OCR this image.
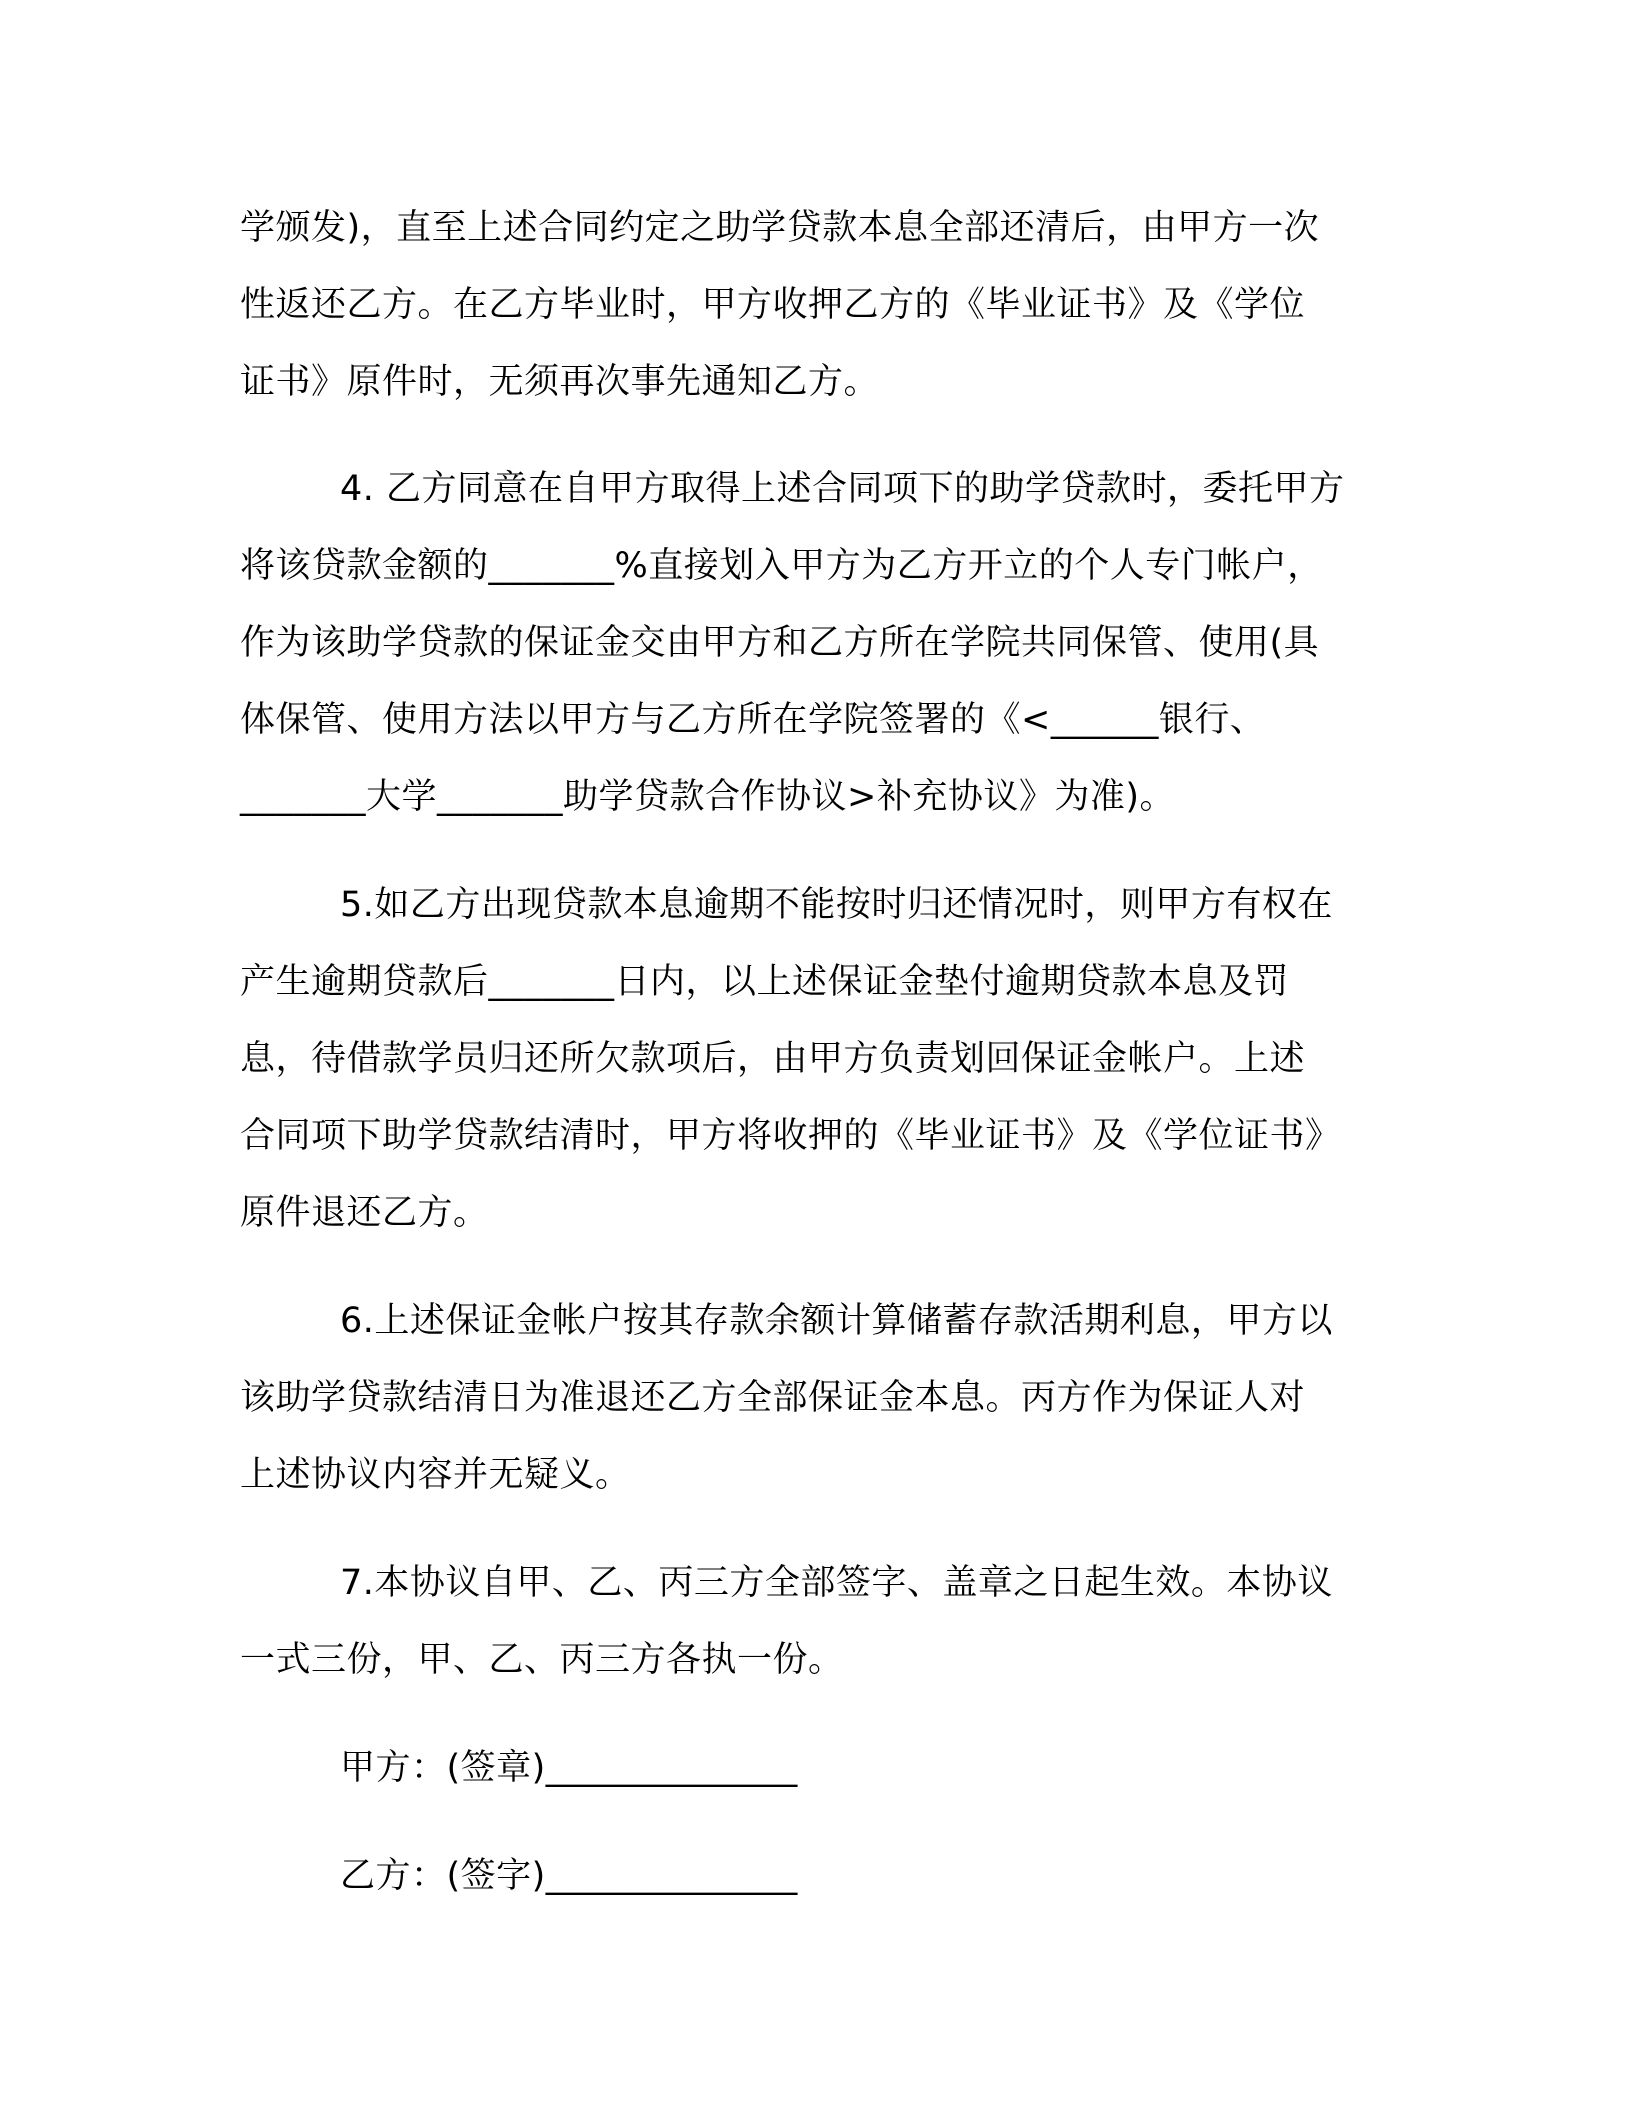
学颁发)，直至上述合同约定之助学贷款本息全部还清后，由甲方一次
性返还乙方。在乙方毕业时，甲方收押乙方的《毕业证书》及《学位
证书》原件时，无须再次事先通知乙方。

4. 乙方同意在自甲方取得上述合同项下的助学贷款时，委托甲方
将该贷款金额的_______%直接划入甲方为乙方开立的个人专门帐户，
作为该助学贷款的保证金交由甲方和乙方所在学院共同保管、使用(具
体保管、使用方法以甲方与乙方所在学院签署的《<______银行、
_______大学_______助学贷款合作协议>补充协议》为准)。

5.如乙方出现贷款本息逾期不能按时归还情况时，则甲方有权在
产生逾期贷款后_______日内，以上述保证金垫付逾期贷款本息及罚
息，待借款学员归还所欠款项后，由甲方负责划回保证金帐户。上述
合同项下助学贷款结清时，甲方将收押的《毕业证书》及《学位证书》
原件退还乙方。

6.上述保证金帐户按其存款余额计算储蓄存款活期利息，甲方以
该助学贷款结清日为准退还乙方全部保证金本息。丙方作为保证人对
上述协议内容并无疑义。

7.本协议自甲、乙、丙三方全部签字、盖章之日起生效。本协议
一式三份，甲、乙、丙三方各执一份。

甲方：(签章)______________

乙方：(签字)______________
